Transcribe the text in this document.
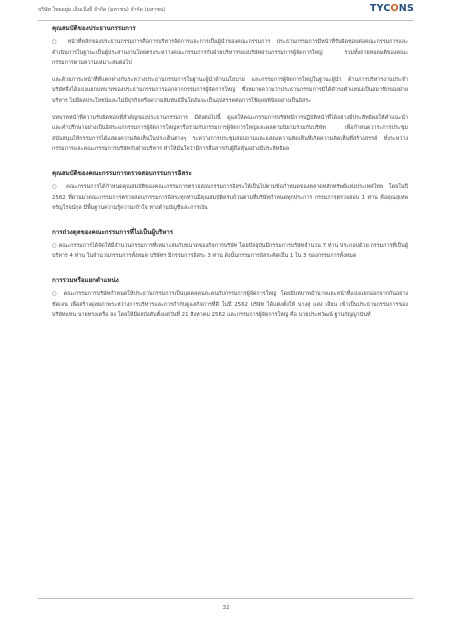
บริษัท ไทยอยู่ม เอ็นเนิ่งยี่ จำกัด (มหาชน) จำกัด (มหาชน)	TYCONS
คุณสมบัติของประธานกรรมการ

○ หน้าที่หลักของประธานกรรมการคือการบริหารจัดการและการเป็นผู้นำของคณะกรรมการ ประธานกรรมการมีหน้าที่รับผิดชอบต่อคณะกรรมการและดำเนินการในฐานะเป็นผู้ประสานงานโดยตรงระหว่างคณะกรรมการกับฝ่ายบริหารของบริษัทผ่านกรรมการผู้จัดการใหญ่ รวมทั้งถ่ายทอดมติของคณะกรรมการตามความเหมาะสมต่อไป

และด้วยภาระหน้าที่ที่แตกต่างกันระหว่างประธานกรรมการในฐานะผู้นำด้านนโยบาย และกรรมการผู้จัดการใหญ่ในฐานะผู้นำ ด้านการบริหารงานประจำ บริษัทจึงได้แบ่งแยกบทบาทของประธานกรรมการออกจากกรรมการผู้จัดการใหญ่ ซึ่งหมายความว่าประธานกรรมการมิได้ดำรงตำแหน่งเป็นสมาชิกของฝ่ายบริหาร ไม่มีผลประโยชน์และไม่มีธุรกิจหรือความสัมพันธ์อื่นใดอันจะเป็นอุปสรรคต่อการใช้ดุลยพินิจอย่างเป็นอิสระ

บทบาทหน้าที่ความรับผิดชอบที่สำคัญของประธานกรรมการ มีดังต่อไปนี้ ดูแลให้คณะกรรมการบริษัทมีการปฏิบัติหน้าที่ได้อย่างมีประสิทธิผลให้คำแนะนำและคำปรึกษาอย่างเป็นอิสระแก่กรรมการผู้จัดการใหญ่หารือร่วมกับกรรมการผู้จัดการใหญ่และผลตามนิยามร่วมกับบริษัท เพื่อกำหนดวาระการประชุม สนับสนุนให้กรรมการได้แสดงความคิดเห็นในประเด็นต่างๆ ระหว่างการประชุมสอบถามและแสดงความคิดเห็นที่เกิดความคิดเห็นที่สร้างสรรค์ ทั้งระหว่างกรรมการและคณะกรรมการบริษัทกับฝ่ายบริหาร ทำให้มั่นใจว่ามีการสื่อสารกับผู้ถือหุ้นอย่างมีประสิทธิผล

คุณสมบัติของคณะกรรมการตรวจสอบกรรมการอิสระ

○ คณะกรรมการได้กำหนดคุณสมบัติของคณะกรรมการตรวจสอบกรรมการอิสระให้เป็นไปตามข้อกำหนดของตลาดหลักทรัพย์แห่งประเทศไทย โดยในปี 2562 ที่ผ่านมาคณะกรรมการตรวจสอบ/กรรมการอิสระทุกท่านมีคุณสมบัติครบถ้วนตามที่บริษัทกำหนดทุกประการ กรรมการตรวจสอบ 1 ท่าน คือคุณสุเทพ จรัญโรจน์กุล มีพื้นฐานความรู้ความเข้าใจ ทางด้านบัญชีและการเงิน

การถ่วงดุลของคณะกรรมการที่ไม่เป็นผู้บริหาร

○ คณะกรรมการได้จัดให้มีจำนวนกรรมการที่เหมาะสมกับขนาดของกิจการบริษัท โดยปัจจุบันมีกรรมการบริษัทจำนวน 7 ท่าน ประกอบด้วย กรรมการที่เป็นผู้บริหาร 4 ท่าน ในจำนวนกรรมการทั้งหมด บริษัทฯ มีกรรมการอิสระ 3 ท่าน ดังนั้นกรรมการอิสระคิดเป็น 1 ใน 3 ของกรรมการทั้งหมด

การรวมหรือแยกตำแหน่ง

○ คณะกรรมการบริษัทกำหนดให้ประธานกรรมการเป็นบุคคลคนละคนกับกรรมการผู้จัดการใหญ่ โดยมีบทบาทอำนาจและหน้าที่แบ่งแยกออกจากกันอย่างชัดเจน เพื่อสร้างดุลยภาพระหว่างการบริหารและการกำกับดูแลกิจการที่ดี ในปี 2562 บริษัท ได้แต่งตั้งให้ นางสุ แสง เจียน เข้าเป็นประธานกรรมการของบริษัทแทน นายทรงเครือ ลง โดยให้มีผลบังคับตั้งแต่วันที่ 21 สิงหาคม 2562 และกรรมการผู้จัดการใหญ่ คือ นายประทวัฒน์ ฐานกัญญานันท์

32
